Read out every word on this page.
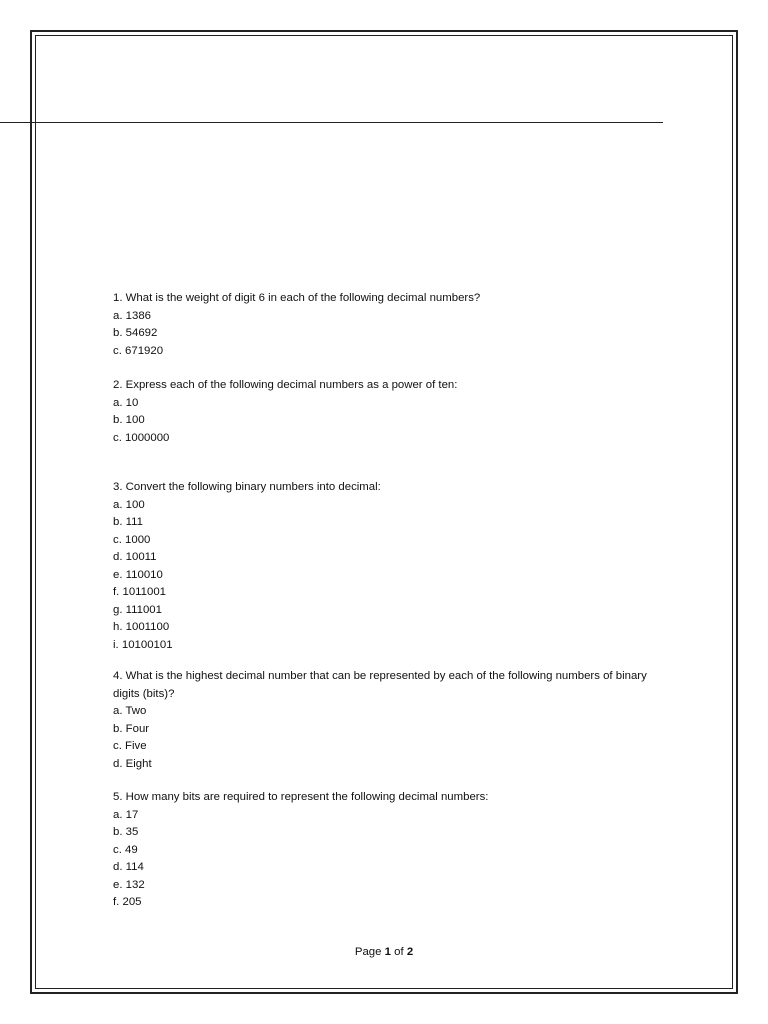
1. What is the weight of digit 6 in each of the following decimal numbers?

a. 1386

b. 54692

c. 671920

2. Express each of the following decimal numbers as a power of ten:

a. 10

b. 100

c. 1000000

3. Convert the following binary numbers into decimal:

a. 100

b. 111

c. 1000

d. 10011

e. 110010

f. 1011001

g. 111001

h. 1001100

i. 10100101

4. What is the highest decimal number that can be represented by each of the following numbers of binary digits (bits)?

a. Two

b. Four

c. Five

d. Eight

5. How many bits are required to represent the following decimal numbers:

a. 17

b. 35

c. 49

d. 114

e. 132

f. 205

Page 1 of 2
